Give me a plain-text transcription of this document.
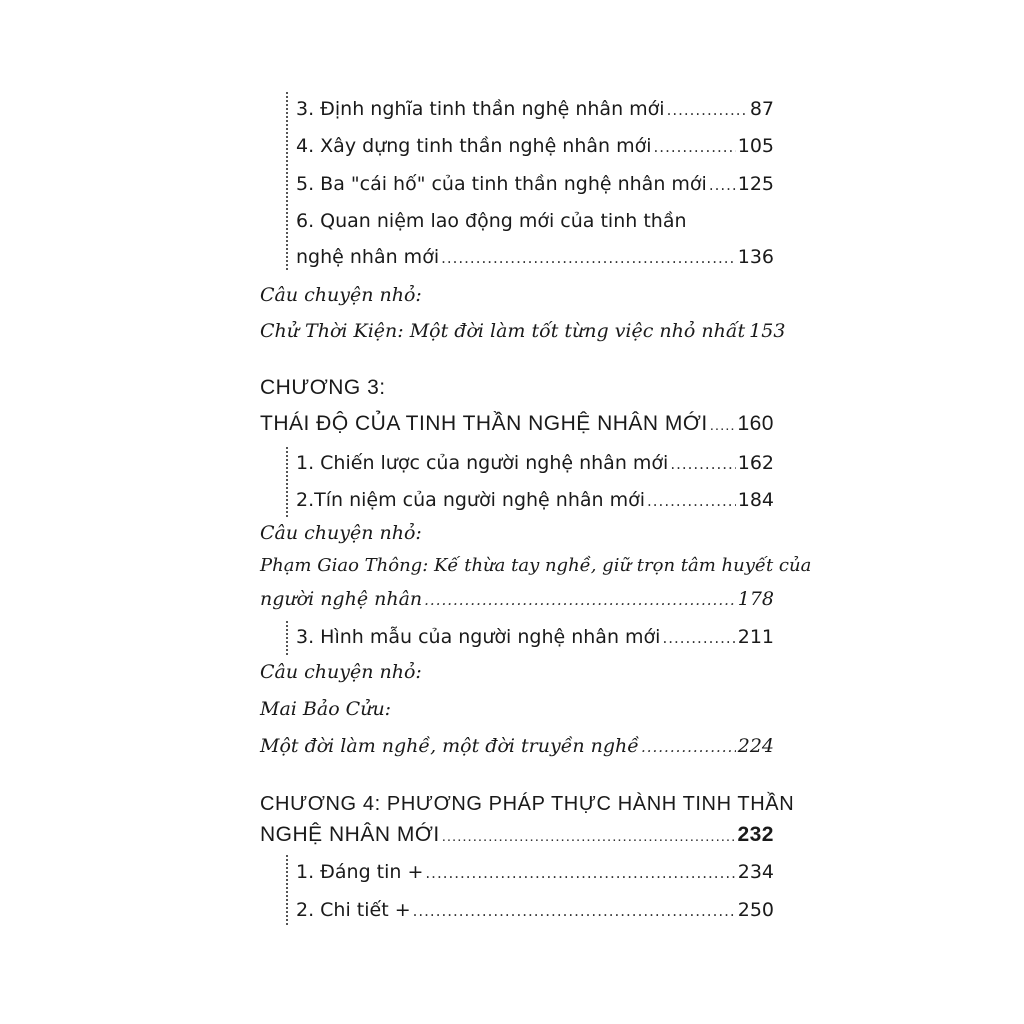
3. Định nghĩa tinh thần nghệ nhân mới .....	87
4. Xây dựng tinh thần nghệ nhân mới .....	105
5. Ba "cái hố" của tinh thần nghệ nhân mới ..... 125
6. Quan niệm lao động mới của tinh thần
nghệ nhân mới .....	136
Câu chuyện nhỏ:
Chử Thời Kiện: Một đời làm tốt từng việc nhỏ nhất 153
CHƯƠNG 3:
THÁI ĐỘ CỦA TINH THẦN NGHỆ NHÂN MỚI ..... 160
1. Chiến lược của người nghệ nhân mới .....	162
2.Tín niệm của người nghệ nhân mới .....	184
Câu chuyện nhỏ:
Phạm Giao Thông: Kế thừa tay nghề, giữ trọn tâm huyết của
người nghệ nhân .....	178
3. Hình mẫu của người nghệ nhân mới .....	211
Câu chuyện nhỏ:
Mai Bảo Cửu:
Một đời làm nghề, một đời truyền nghề .....	224
CHƯƠNG 4: PHƯƠNG PHÁP THỰC HÀNH TINH THẦN
NGHỆ NHÂN MỚI .....	232
1. Đáng tin + .....	234
2. Chi tiết + .....	250
